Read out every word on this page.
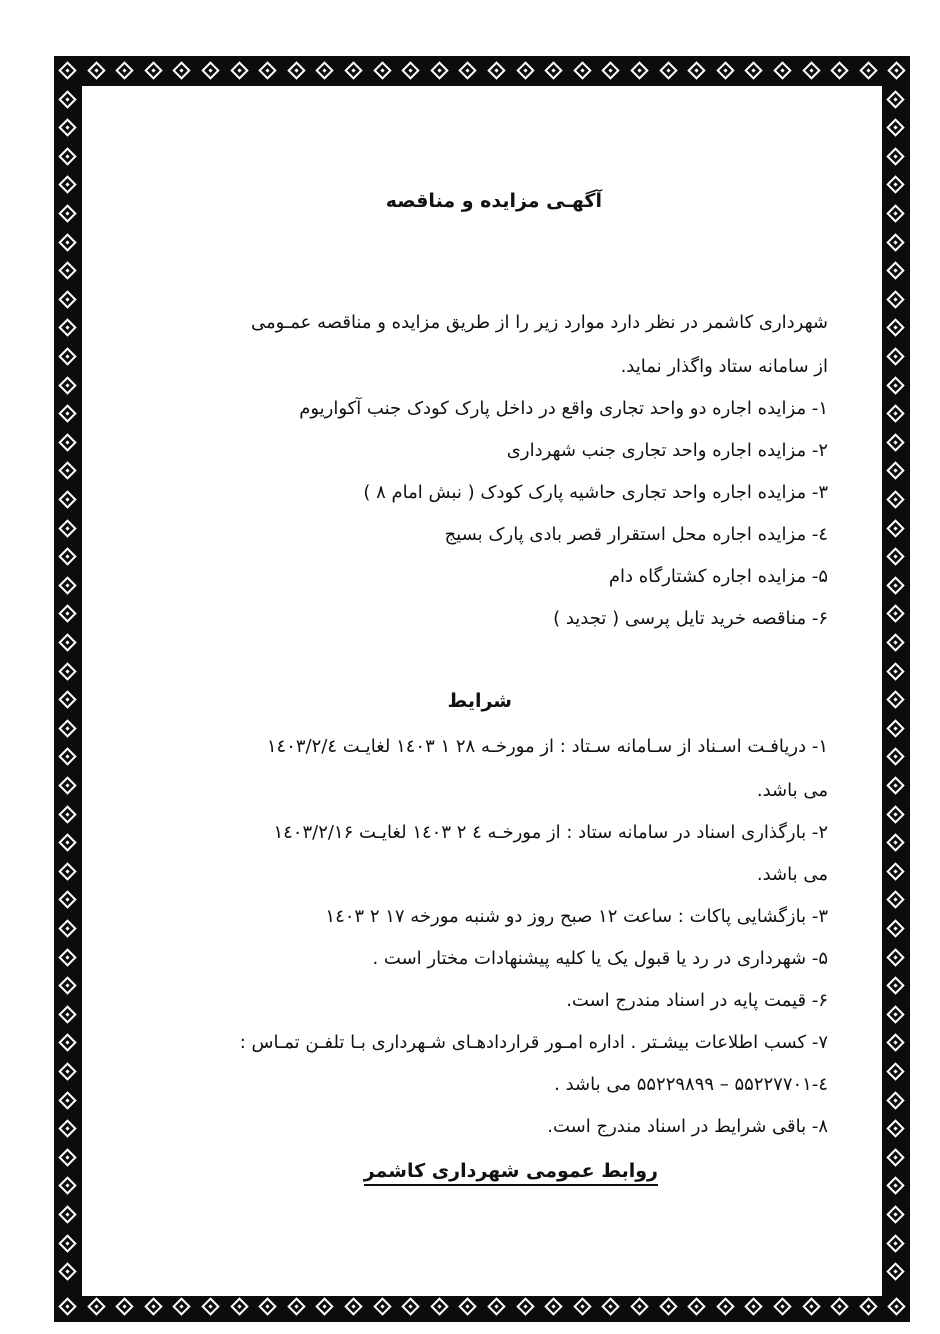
آگهـی مزایده و مناقصه
شهرداری کاشمر در نظر دارد موارد زیر را از طریق مزایده و مناقصه عمـومی
از سامانه ستاد واگذار نماید.
۱- مزایده اجاره دو واحد تجاری واقع در داخل پارک کودک جنب آکواریوم
۲- مزایده اجاره واحد تجاری جنب شهرداری
۳- مزایده اجاره واحد تجاری حاشیه پارک کودک ( نبش امام ۸ )
٤- مزایده اجاره محل استقرار قصر بادی پارک بسیج
۵- مزایده اجاره کشتارگاه دام
۶- مناقصه خرید تایل پرسی ( تجدید )
شرایط
۱- دریافـت اسـناد از سـامانه سـتاد : از مورخـه ۲۸ ۱ ۱٤۰۳ لغایـت ۱٤۰۳/۲/٤
می باشد.
۲- بارگذاری اسناد در سامانه ستاد : از مورخـه ٤ ۲ ۱٤۰۳ لغایـت ۱٤۰۳/۲/۱۶
می باشد.
۳- بازگشایی پاکات : ساعت ۱۲ صبح روز دو شنبه مورخه ۱۷ ۲ ۱٤۰۳
۵- شهرداری در رد یا قبول یک یا کلیه پیشنهادات مختار است .
۶- قیمت پایه در اسناد مندرج است.
۷- کسب اطلاعات بیشـتر . اداره امـور قراردادهـای شـهرداری بـا تلفـن تمـاس :
٤-۵۵۲۲۷۷۰۱ – ۵۵۲۲۹۸۹۹ می باشد .
۸- باقی شرایط در اسناد مندرج است.
روابط عمومی شهرداری کاشمر
